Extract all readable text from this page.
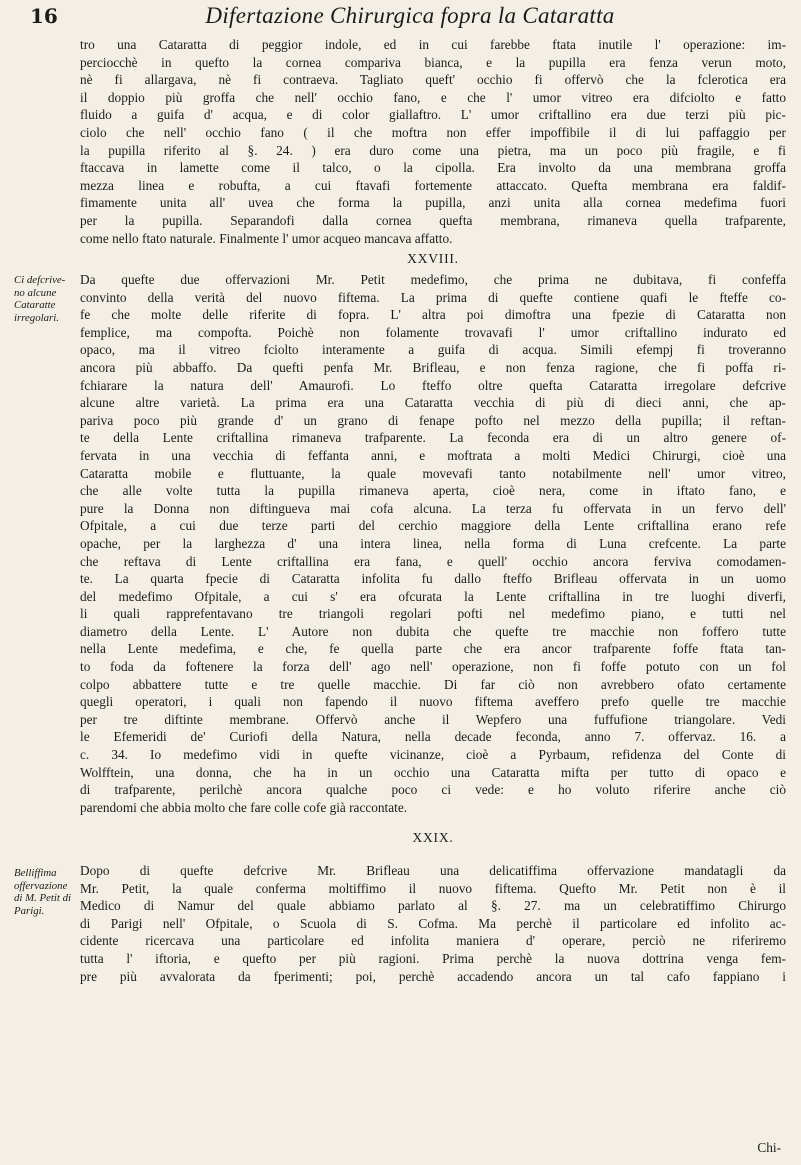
16	Difertazione Chirurgica fopra la Cataratta
tro una Cataratta di peggior indole, ed in cui farebbe ftata inutile l' operazione: im-
perciocchè in quefto la cornea compariva bianca, e la pupilla era fenza verun moto,
nè fi allargava, nè fi contraeva. Tagliato queft' occhio fi offervò che la fclerotica era
il doppio più groffa che nell' occhio fano, e che l' umor vitreo era difciolto e fatto
fluido a guifa d' acqua, e di color giallaftro. L' umor criftallino era due terzi più pic-
ciolo che nell' occhio fano ( il che moftra non effer impoffibile il di lui paffaggio per
la pupilla riferito al §. 24. ) era duro come una pietra, ma un poco più fragile, e fi
ftaccava in lamette come il talco, o la cipolla. Era involto da una membrana groffa
mezza linea e robufta, a cui ftavafi fortemente attaccato. Quefta membrana era faldif-
fimamente unita all' uvea che forma la pupilla, anzi unita alla cornea medefima fuori
per la pupilla. Separandofi dalla cornea quefta membrana, rimaneva quella trafparente,
come nello ftato naturale. Finalmente l' umor acqueo mancava affatto.
XXVIII.
Ci defcrive-no alcune Cataratte irregolari.
Da quefte due offervazioni Mr. Petit medefimo, che prima ne dubitava, fi confeffa
convinto della verità del nuovo fiftema. La prima di quefte contiene quafi le fteffe co-
fe che molte delle riferite di fopra. L' altra poi dimoftra una fpezie di Cataratta non
femplice, ma compofta. Poichè non folamente trovavafi l' umor criftallino indurato ed
opaco, ma il vitreo fciolto interamente a guifa di acqua. Simili efempj fi troveranno
ancora più abbaffo. Da quefti penfa Mr. Brifleau, e non fenza ragione, che fi poffa ri-
fchiarare la natura dell' Amaurofi. Lo fteffo oltre quefta Cataratta irregolare defcrive
alcune altre varietà. La prima era una Cataratta vecchia di più di dieci anni, che ap-
pariva poco più grande d' un grano di fenape pofto nel mezzo della pupilla; il reftan-
te della Lente criftallina rimaneva trafparente. La feconda era di un altro genere of-
fervata in una vecchia di feffanta anni, e moftrata a molti Medici Chirurgi, cioè una
Cataratta mobile e fluttuante, la quale movevafi tanto notabilmente nell' umor vitreo,
che alle volte tutta la pupilla rimaneva aperta, cioè nera, come in iftato fano, e
pure la Donna non diftingueva mai cofa alcuna. La terza fu offervata in un fervo dell'
Ofpitale, a cui due terze parti del cerchio maggiore della Lente criftallina erano refe
opache, per la larghezza d' una intera linea, nella forma di Luna crefcente. La parte
che reftava di Lente criftallina era fana, e quell' occhio ancora ferviva comodamen-
te. La quarta fpecie di Cataratta infolita fu dallo fteffo Brifleau offervata in un uomo
del medefimo Ofpitale, a cui s' era ofcurata la Lente criftallina in tre luoghi diverfi,
li quali rapprefentavano tre triangoli regolari pofti nel medefimo piano, e tutti nel
diametro della Lente. L' Autore non dubita che quefte tre macchie non foffero tutte
nella Lente medefima, e che, fe quella parte che era ancor trafparente foffe ftata tan-
to foda da foftenere la forza dell' ago nell' operazione, non fi foffe potuto con un fol
colpo abbattere tutte e tre quelle macchie. Di far ciò non avrebbero ofato certamente
quegli operatori, i quali non fapendo il nuovo fiftema aveffero prefo quelle tre macchie
per tre diftinte membrane. Offervò anche il Wepfero una fuffufione triangolare. Vedi
le Efemeridi de' Curiofi della Natura, nella decade feconda, anno 7. offervaz. 16. a
c. 34. Io medefimo vidi in quefte vicinanze, cioè a Pyrbaum, refidenza del Conte di
Wolfftein, una donna, che ha in un occhio una Cataratta mifta per tutto di opaco e
di trafparente, perilchè ancora qualche poco ci vede: e ho voluto riferire anche ciò
parendomi che abbia molto che fare colle cofe già raccontate.
XXIX.
Belliffima offervazione di M. Petit di Parigi.
Dopo di quefte defcrive Mr. Brifleau una delicatiffima offervazione mandatagli da
Mr. Petit, la quale conferma moltiffimo il nuovo fiftema. Quefto Mr. Petit non è il
Medico di Namur del quale abbiamo parlato al §. 27. ma un celebratiffimo Chirurgo
di Parigi nell' Ofpitale, o Scuola di S. Cofma. Ma perchè il particolare ed infolito ac-
cidente ricercava una particolare ed infolita maniera d' operare, perciò ne riferiremo
tutta l' iftoria, e quefto per più ragioni. Prima perchè la nuova dottrina venga fem-
pre più avvalorata da fperimenti; poi, perchè accadendo ancora un tal cafo fappiano i
Chi-
